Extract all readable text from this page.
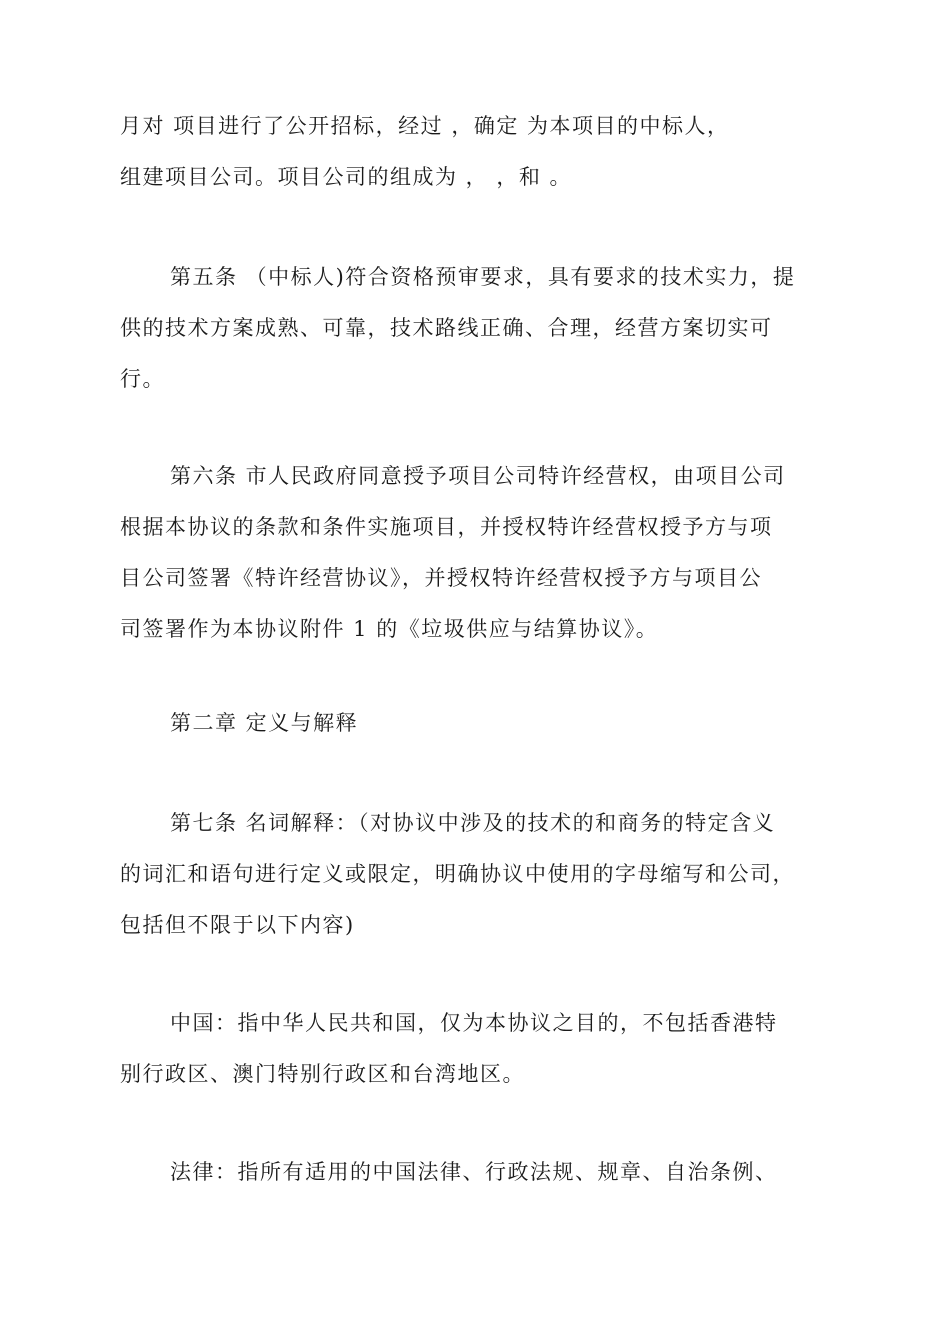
月对 项目进行了公开招标，经过 ，确定 为本项目的中标人，
组建项目公司。项目公司的组成为 ， ，和 。
第五条 （中标人)符合资格预审要求，具有要求的技术实力，提
供的技术方案成熟、可靠，技术路线正确、合理，经营方案切实可
行。
第六条 市人民政府同意授予项目公司特许经营权，由项目公司
根据本协议的条款和条件实施项目，并授权特许经营权授予方与项
目公司签署《特许经营协议》，并授权特许经营权授予方与项目公
司签署作为本协议附件 1 的《垃圾供应与结算协议》。
第二章 定义与解释
第七条 名词解释：（对协议中涉及的技术的和商务的特定含义
的词汇和语句进行定义或限定，明确协议中使用的字母缩写和公司，
包括但不限于以下内容)
中国：指中华人民共和国，仅为本协议之目的，不包括香港特
别行政区、澳门特别行政区和台湾地区。
法律：指所有适用的中国法律、行政法规、规章、自治条例、
